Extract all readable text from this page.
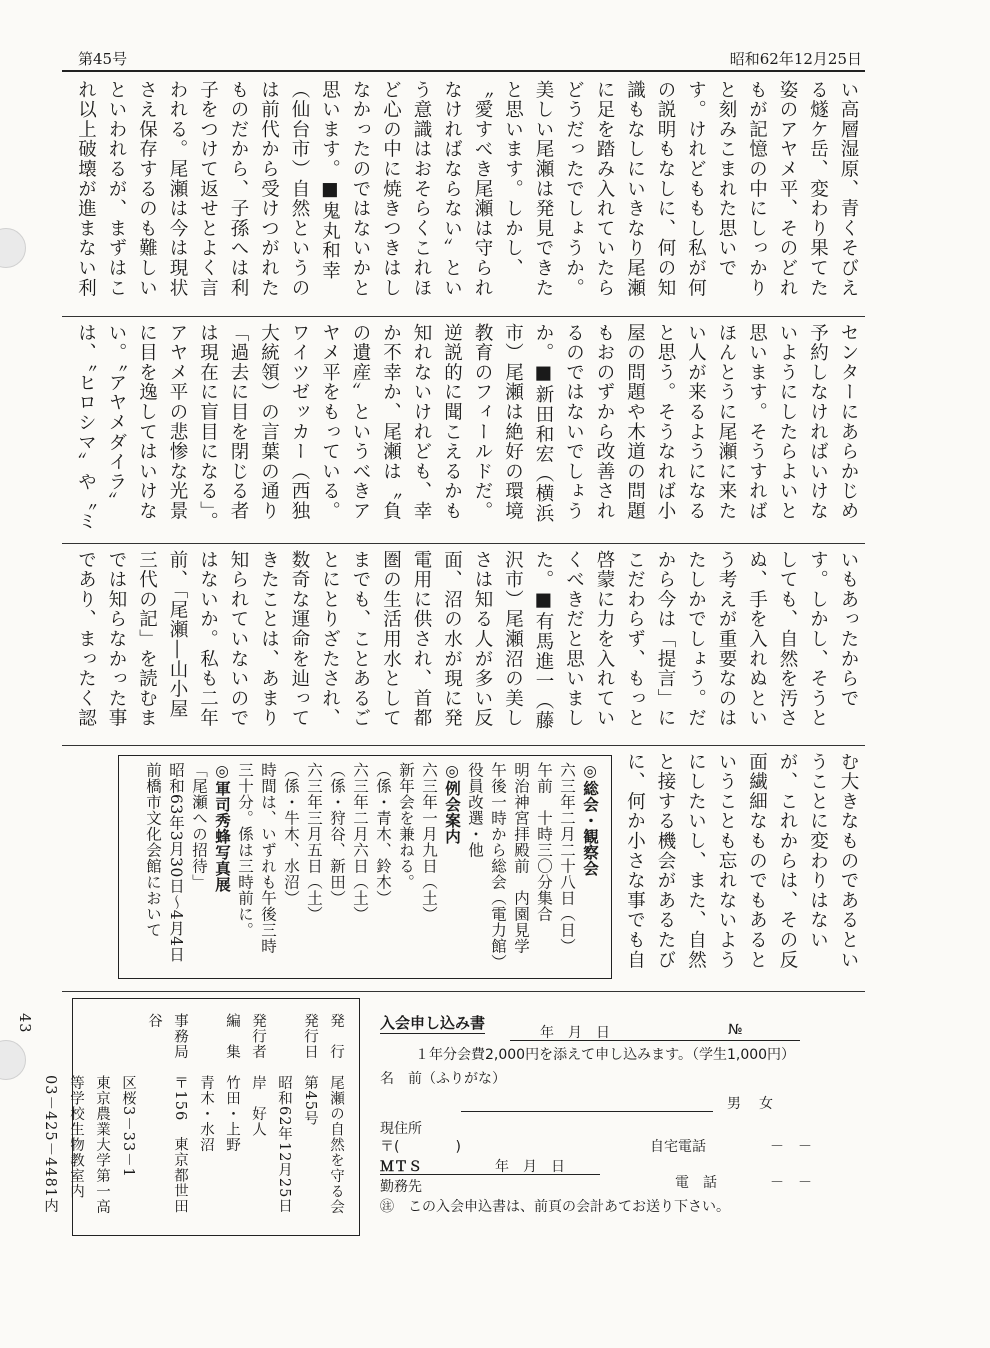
第45号	昭和62年12月25日

い高層湿原、青くそびえる燧ケ岳、変わり果てた姿のアヤメ平、そのどれもが記憶の中にしっかりと刻みこまれた思いです。けれどももし私が何の説明もなしに、何の知識もなしにいきなり尾瀬に足を踏み入れていたらどうだったでしょうか。美しい尾瀬は発見できたと思います。しかし、〝愛すべき尾瀬は守られなければならない〟という意識はおそらくこれほど心の中に焼きつきはしなかったのではないかと思います。■鬼丸和幸（仙台市）自然というのは前代から受けつがれたものだから、子孫へは利子をつけて返せとよく言われる。尾瀬は今は現状さえ保存するのも難しいといわれるが、まずはこれ以上破壊が進まない利

センターにあらかじめ予約しなければいけないようにしたらよいと思います。そうすればほんとうに尾瀬に来たい人が来るようになると思う。そうなれば小屋の問題や木道の問題もおのずから改善されるのではないでしょうか。■新田和宏（横浜市）尾瀬は絶好の環境教育のフィールドだ。逆説的に聞こえるかも知れないけれども、幸か不幸か、尾瀬は〝負の遺産〟というべきアヤメ平をもっている。ワイツゼッカー（西独大統領）の言葉の通り「過去に目を閉じる者は現在に盲目になる」。アヤメ平の悲惨な光景に目を逸してはいけない。〝アヤメダイラ〟は、〝ヒロシマ〟や〝ミ

いもあったからです。しかし、そうとしても、自然を汚さぬ、手を入れぬという考えが重要なのはたしかでしょう。だから今は「提言」にこだわらず、もっと啓蒙に力を入れていくべきだと思いました。■有馬進一（藤沢市）尾瀬沼の美しさは知る人が多い反面、沼の水が現に発電用に供され、首都圏の生活用水としてまでも、ことあるごとにとりざたされ、数奇な運命を辿ってきたことは、あまり知られていないのではないか。私も二年前、「尾瀬―山小屋三代の記」を読むまでは知らなかった事であり、まったく認

む大きなものであるということに変わりはないが、これからは、その反面繊細なものでもあるということも忘れないようにしたいし、また、自然と接する機会があるたびに、何か小さな事でも自

◎総会・観察会
六三年二月二十八日（日）
午前　十時三〇分集合
明治神宮拝殿前　内園見学
午後一時から総会（電力館）
役員改選・他
◎例会案内
六三年一月九日（土）
新年会を兼ねる。
（係・青木、鈴木）
六三年二月六日（土）
（係・狩谷、新田）
六三年三月五日（土）
（係・牛木、水沼）
時間は、いずれも午後三時
三十分。係は三時前に。
◎軍司秀蜂写真展
「尾瀬への招待」
昭和63年3月30日～4月4日
前橋市文化会館において
発　行　尾瀬の自然を守る会
発行日　第45号
　　　　昭和62年12月25日
発行者　岸　好人
編　集　竹田・上野
　　　　青木・水沼
事務局　〒156　東京都世田谷
　　　　区桜3－33－1
　　　　東京農業大学第一高
　　　　等学校生物教室内
　　　　03－425－4481内43	入会申し込み書
年　月　日	№
１年分会費2,000円を添えて申し込みます。（学生1,000円）
名　前（ふりがな）
男　女
現住所
〒(　　　　)	自宅電話	－　－
ＭＴＳ	年　月　日
勤務先	電　話	－　－
㊟　この入会申込書は、前頁の会計あてお送り下さい。
